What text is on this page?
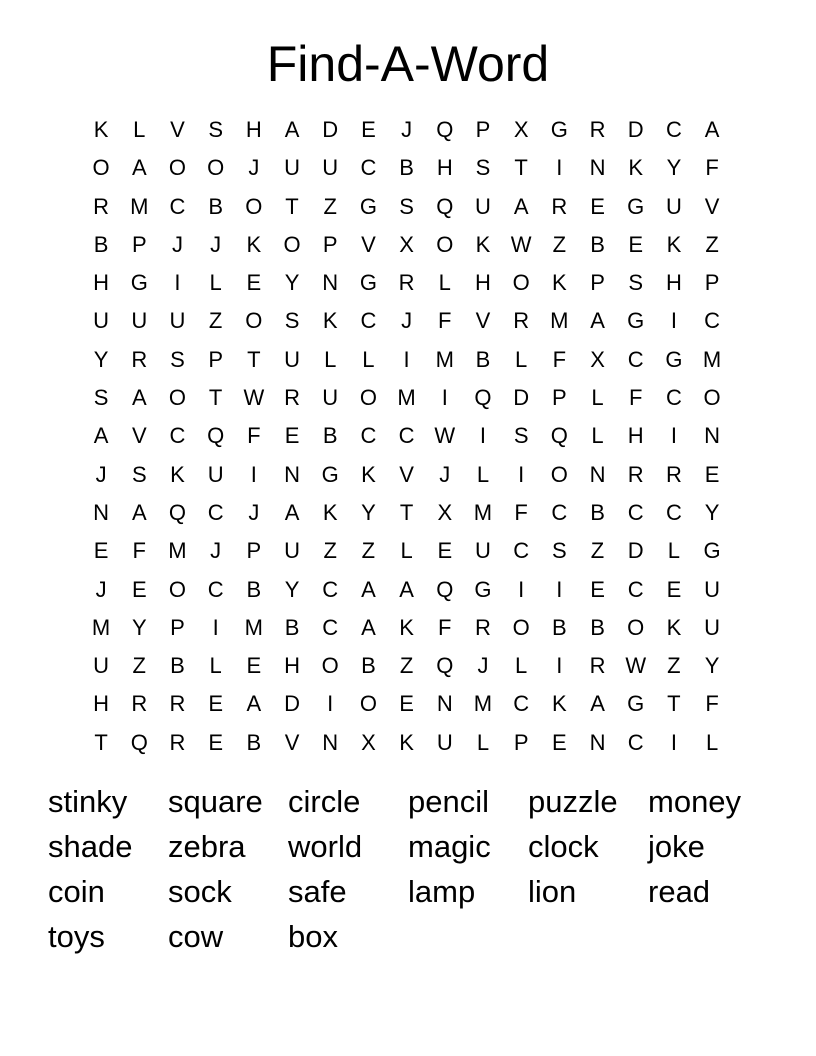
Find-A-Word
K	L	V	S	H	A	D	E	J	Q	P	X	G R	D	C	A
O	A	O O	J	U	U	C	B	H	S	T	I	N	K	Y	F
R M C	B	O	T	Z	G	S	Q U	A	R	E	G U	V
B	P	J	J	K	O	P	V	X	O	K W Z	B	E	K	Z
H G	I	L	E	Y	N G R	L	H O	K	P	S	H	P
U	U	U	Z	O	S	K	C	J	F	V	R M A	G	I	C
Y	R	S	P	T	U	L	L	I	M B	L	F	X	C G M
S	A	O	T W R	U O M	I	Q D	P	L	F	C O
A	V	C Q	F	E	B	C	C W	I	S	Q	L	H	I	N
J	S	K	U	I	N G	K	V	J	L	I	O N	R	R	E
N	A	Q C	J	A	K	Y	T	X M	F	C	B	C	C	Y
E	F	M	J	P	U	Z	Z	L	E	U	C	S	Z	D	L	G
J	E	O C	B	Y	C	A	A	Q G	I	I	E	C	E	U
M Y	P	I	M B	C	A	K	F	R O	B	B	O	K	U
U	Z	B	L	E	H O	B	Z	Q	J	L	I	R W Z	Y
H	R	R	E	A	D	I	O	E	N M C	K	A	G	T	F
T	Q R	E	B	V	N	X	K	U	L	P	E	N	C	I	L
stinky	square circle	pencil	puzzle money
shade	zebra	world	magic	clock	joke
coin	sock	safe	lamp	lion	read
toys	cow	box
